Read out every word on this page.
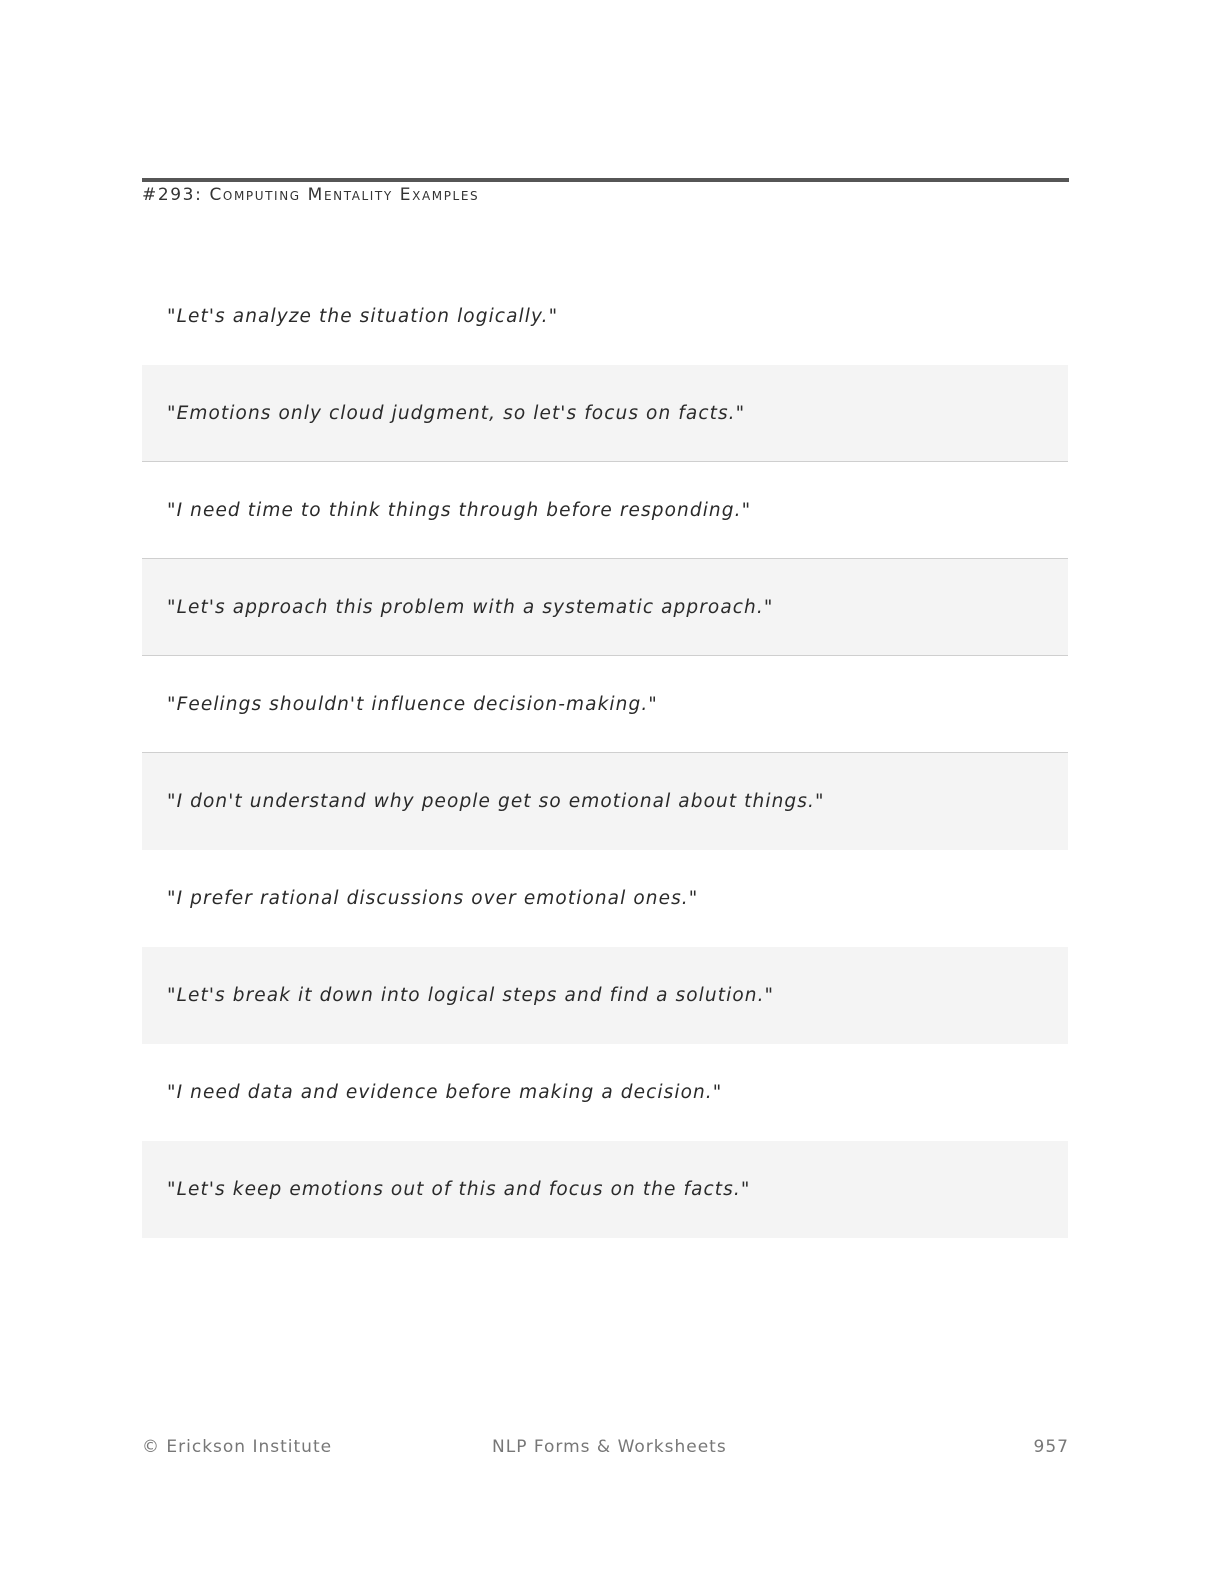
#293: Computing Mentality Examples
"Let's analyze the situation logically."
"Emotions only cloud judgment, so let's focus on facts."
"I need time to think things through before responding."
"Let's approach this problem with a systematic approach."
"Feelings shouldn't influence decision-making."
"I don't understand why people get so emotional about things."
"I prefer rational discussions over emotional ones."
"Let's break it down into logical steps and find a solution."
"I need data and evidence before making a decision."
"Let's keep emotions out of this and focus on the facts."
© Erickson Institute	NLP Forms & Worksheets	957
